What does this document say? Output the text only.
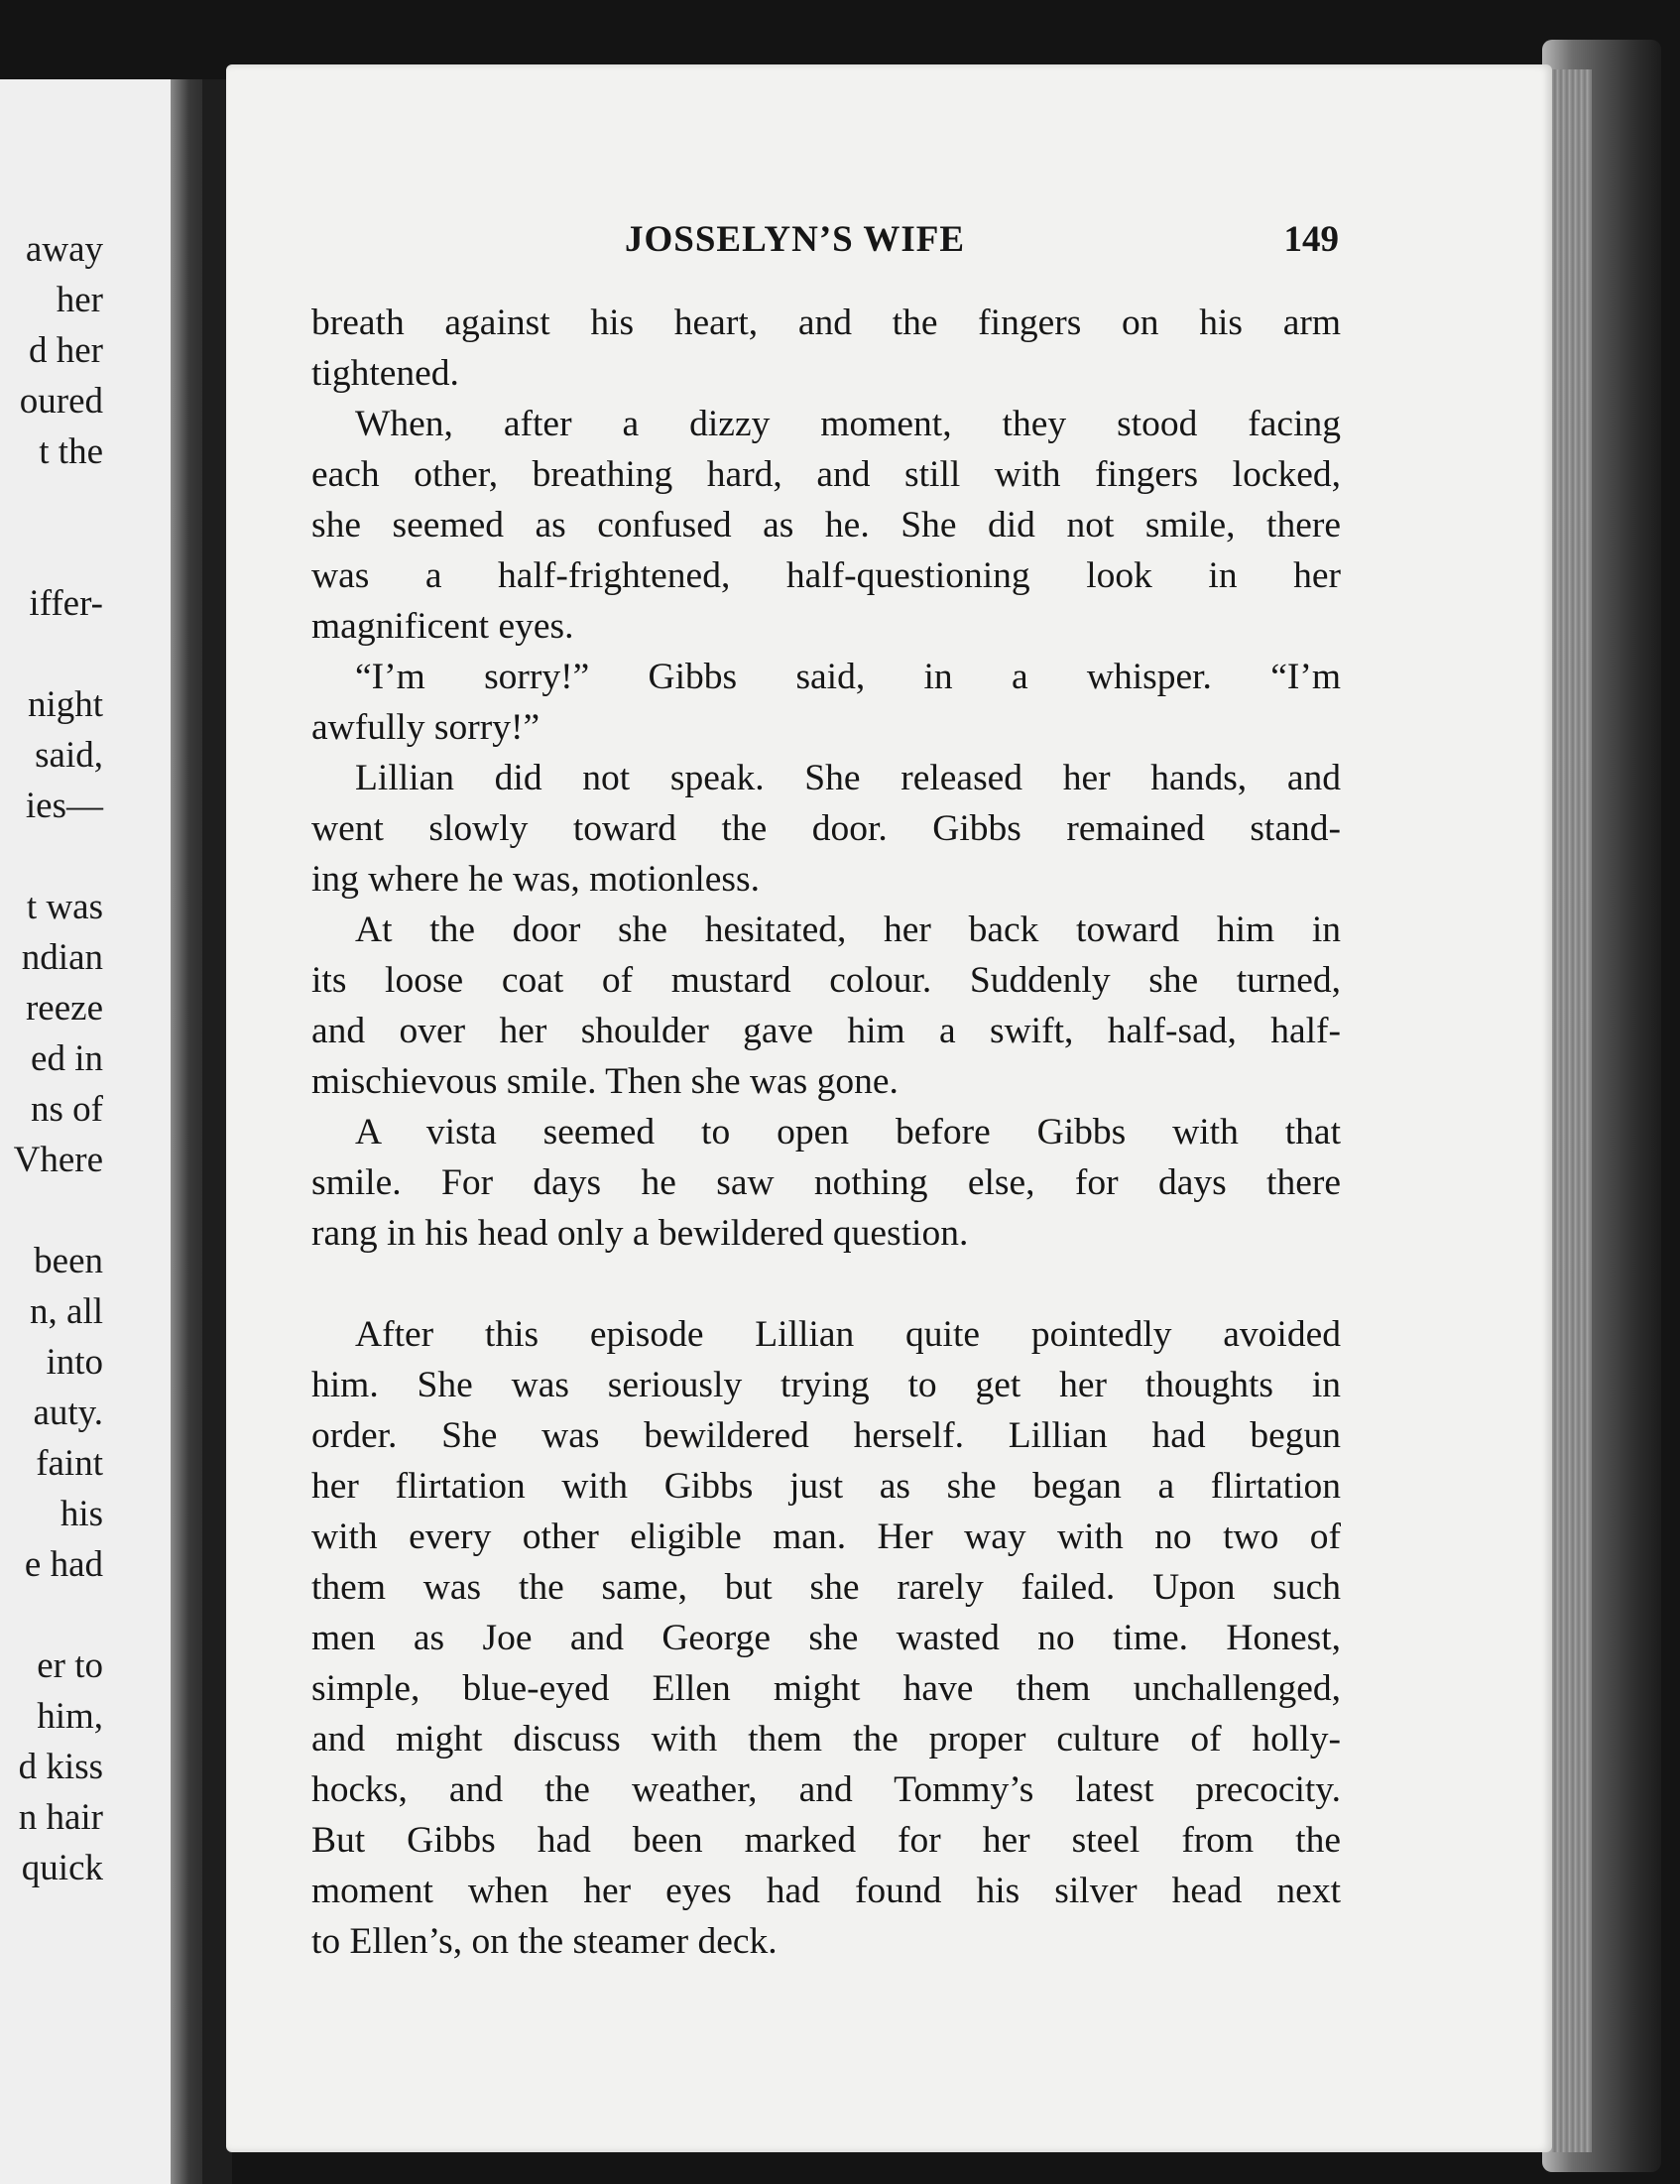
away
her
d her
oured
t the
iffer-
night
said,
ies—
t was
ndian
reeze
ed in
ns of
Vhere
been
n, all
into
auty.
faint
his
e had
er to
him,
d kiss
n hair
quick
JOSSELYN’S WIFE	149
breath against his heart, and the fingers on his arm
tightened.
When, after a dizzy moment, they stood facing
each other, breathing hard, and still with fingers locked,
she seemed as confused as he. She did not smile, there
was a half-frightened, half-questioning look in her
magnificent eyes.
“I’m sorry!” Gibbs said, in a whisper. “I’m
awfully sorry!”
Lillian did not speak. She released her hands, and
went slowly toward the door. Gibbs remained stand-
ing where he was, motionless.
At the door she hesitated, her back toward him in
its loose coat of mustard colour. Suddenly she turned,
and over her shoulder gave him a swift, half-sad, half-
mischievous smile. Then she was gone.
A vista seemed to open before Gibbs with that
smile. For days he saw nothing else, for days there
rang in his head only a bewildered question.
After this episode Lillian quite pointedly avoided
him. She was seriously trying to get her thoughts in
order. She was bewildered herself. Lillian had begun
her flirtation with Gibbs just as she began a flirtation
with every other eligible man. Her way with no two of
them was the same, but she rarely failed. Upon such
men as Joe and George she wasted no time. Honest,
simple, blue-eyed Ellen might have them unchallenged,
and might discuss with them the proper culture of holly-
hocks, and the weather, and Tommy’s latest precocity.
But Gibbs had been marked for her steel from the
moment when her eyes had found his silver head next
to Ellen’s, on the steamer deck.
